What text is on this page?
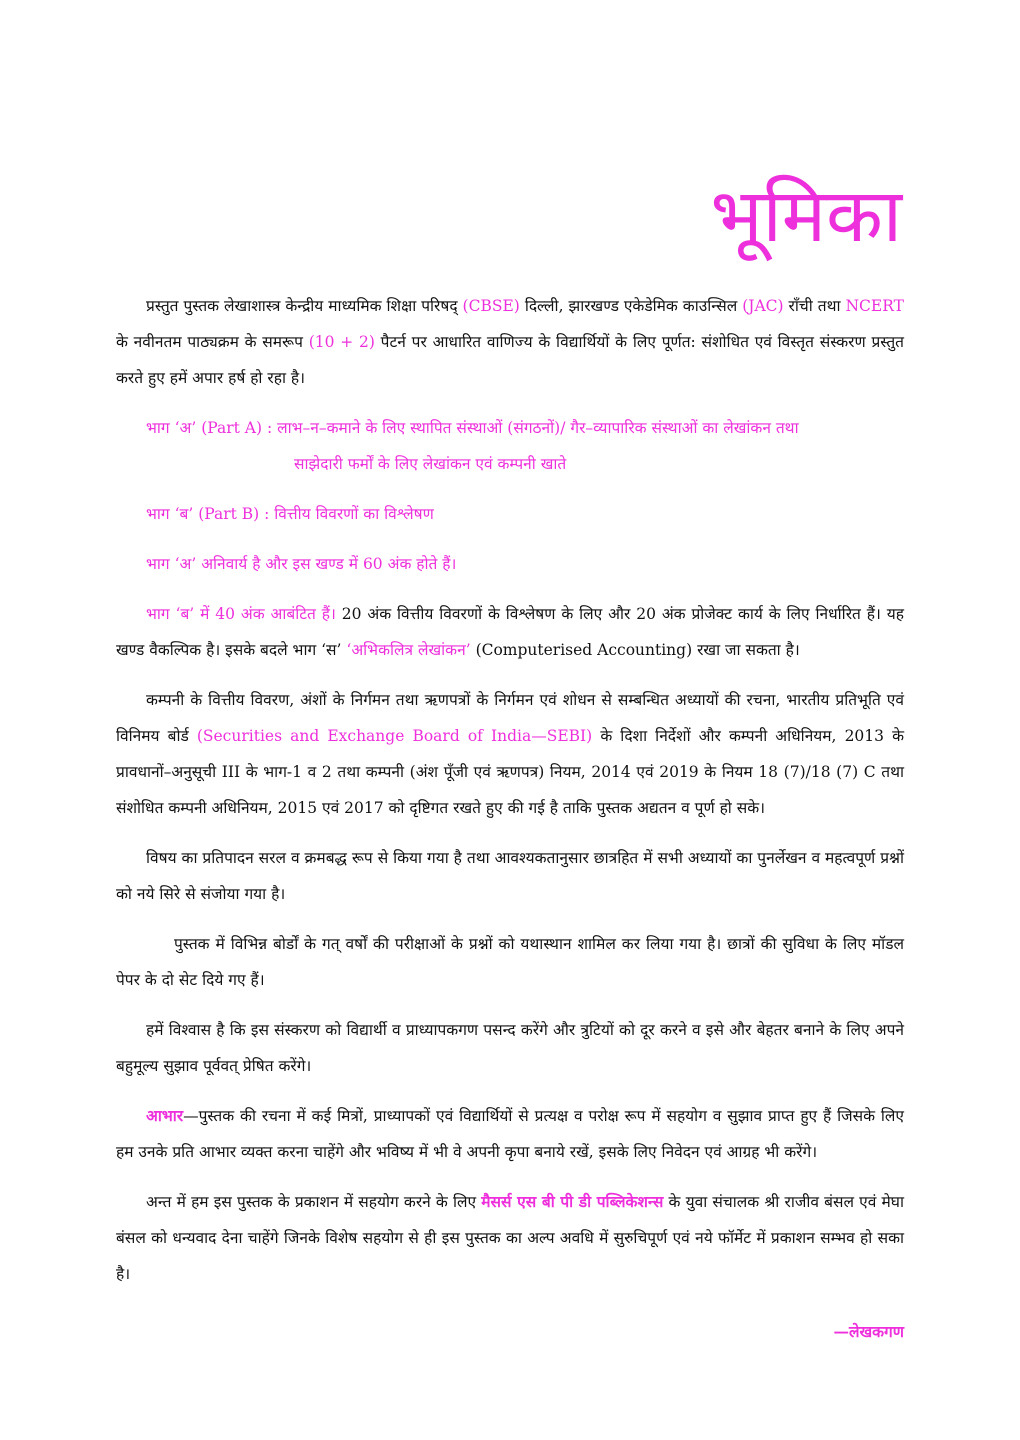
भूमिका

प्रस्तुत पुस्तक लेखाशास्त्र केन्द्रीय माध्यमिक शिक्षा परिषद् (CBSE) दिल्ली, झारखण्ड एकेडेमिक काउन्सिल (JAC) राँची तथा NCERT के नवीनतम पाठ्यक्रम के समरूप (10 + 2) पैटर्न पर आधारित वाणिज्य के विद्यार्थियों के लिए पूर्णत: संशोधित एवं विस्तृत संस्करण प्रस्तुत करते हुए हमें अपार हर्ष हो रहा है।

भाग ‘अ’ (Part A) : लाभ–न–कमाने के लिए स्थापित संस्थाओं (संगठनों)/ गैर–व्यापारिक संस्थाओं का लेखांकन तथा
साझेदारी फर्मों के लिए लेखांकन एवं कम्पनी खाते

भाग ‘ब’ (Part B) : वित्तीय विवरणों का विश्लेषण

भाग ‘अ’ अनिवार्य है और इस खण्ड में 60 अंक होते हैं।

भाग ‘ब’ में 40 अंक आबंटित हैं। 20 अंक वित्तीय विवरणों के विश्लेषण के लिए और 20 अंक प्रोजेक्ट कार्य के लिए निर्धारित हैं। यह खण्ड वैकल्पिक है। इसके बदले भाग ‘स’ ‘अभिकलित्र लेखांकन’ (Computerised Accounting) रखा जा सकता है।

कम्पनी के वित्तीय विवरण, अंशों के निर्गमन तथा ऋणपत्रों के निर्गमन एवं शोधन से सम्बन्धित अध्यायों की रचना, भारतीय प्रतिभूति एवं विनिमय बोर्ड (Securities and Exchange Board of India—SEBI) के दिशा निर्देशों और कम्पनी अधिनियम, 2013 के प्रावधानों–अनुसूची III के भाग-1 व 2 तथा कम्पनी (अंश पूँजी एवं ऋणपत्र) नियम, 2014 एवं 2019 के नियम 18 (7)/18 (7) C तथा संशोधित कम्पनी अधिनियम, 2015 एवं 2017 को दृष्टिगत रखते हुए की गई है ताकि पुस्तक अद्यतन व पूर्ण हो सके।

विषय का प्रतिपादन सरल व क्रमबद्ध रूप से किया गया है तथा आवश्यकतानुसार छात्रहित में सभी अध्यायों का पुनर्लेखन व महत्वपूर्ण प्रश्नों को नये सिरे से संजोया गया है।

पुस्तक में विभिन्न बोर्डों के गत् वर्षों की परीक्षाओं के प्रश्नों को यथास्थान शामिल कर लिया गया है। छात्रों की सुविधा के लिए मॉडल पेपर के दो सेट दिये गए हैं।

हमें विश्वास है कि इस संस्करण को विद्यार्थी व प्राध्यापकगण पसन्द करेंगे और त्रुटियों को दूर करने व इसे और बेहतर बनाने के लिए अपने बहुमूल्य सुझाव पूर्ववत् प्रेषित करेंगे।

आभार—पुस्तक की रचना में कई मित्रों, प्राध्यापकों एवं विद्यार्थियों से प्रत्यक्ष व परोक्ष रूप में सहयोग व सुझाव प्राप्त हुए हैं जिसके लिए हम उनके प्रति आभार व्यक्त करना चाहेंगे और भविष्य में भी वे अपनी कृपा बनाये रखें, इसके लिए निवेदन एवं आग्रह भी करेंगे।

अन्त में हम इस पुस्तक के प्रकाशन में सहयोग करने के लिए मैसर्स एस बी पी डी पब्लिकेशन्स के युवा संचालक श्री राजीव बंसल एवं मेघा बंसल को धन्यवाद देना चाहेंगे जिनके विशेष सहयोग से ही इस पुस्तक का अल्प अवधि में सुरुचिपूर्ण एवं नये फॉर्मेट में प्रकाशन सम्भव हो सका है।

—लेखकगण
